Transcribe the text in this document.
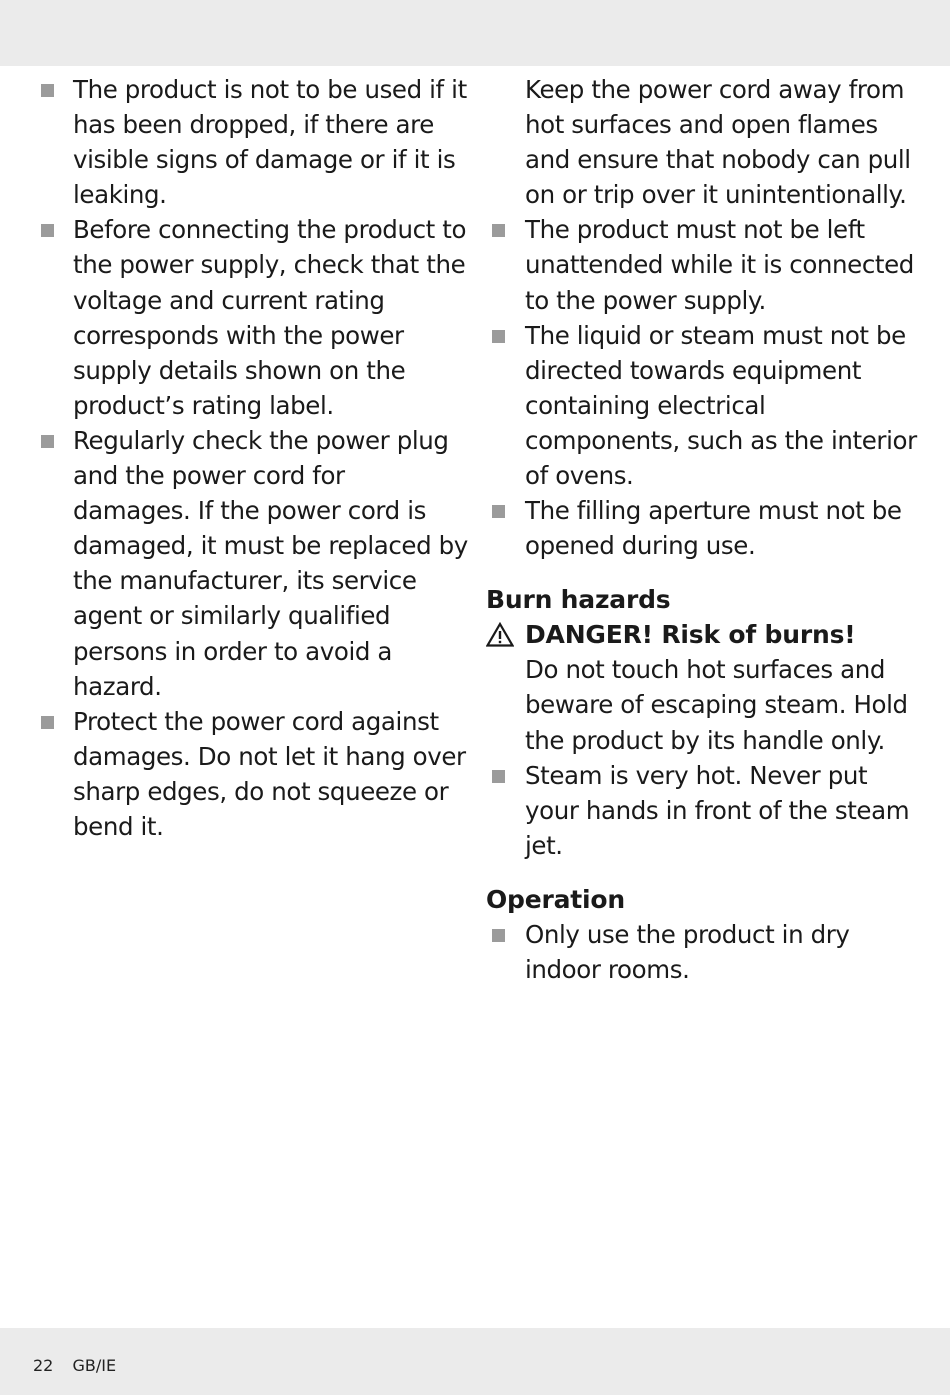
The product is not to be used if it has been dropped, if there are visible signs of damage or if it is leaking.
Before connecting the product to the power supply, check that the voltage and current rating corresponds with the power supply details shown on the product’s rating label.
Regularly check the power plug and the power cord for damages. If the power cord is damaged, it must be replaced by the manufacturer, its service agent or similarly qualified persons in order to avoid a hazard.
Protect the power cord against damages. Do not let it hang over sharp edges, do not squeeze or bend it.
Keep the power cord away from hot surfaces and open flames and ensure that nobody can pull on or trip over it unintentionally.
The product must not be left unattended while it is connected to the power supply.
The liquid or steam must not be directed towards equipment containing electrical components, such as the interior of ovens.
The filling aperture must not be opened during use.
Burn hazards
DANGER! Risk of burns!
Do not touch hot surfaces and beware of escaping steam. Hold the product by its handle only.
Steam is very hot. Never put your hands in front of the steam jet.
Operation
Only use the product in dry indoor rooms.
22 GB/IE
